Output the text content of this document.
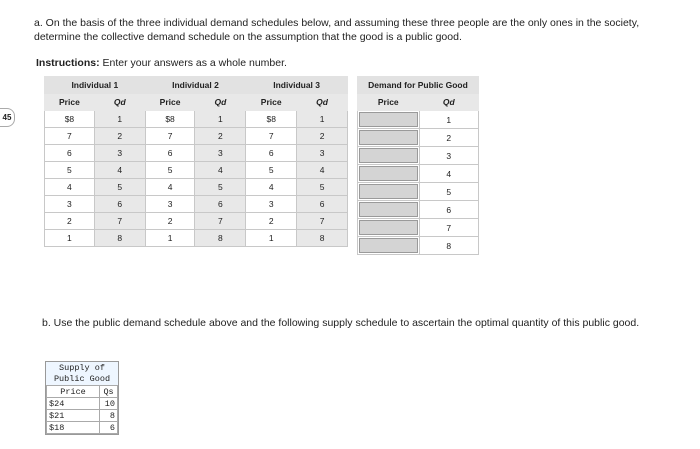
45
a. On the basis of the three individual demand schedules below, and assuming these three people are the only ones in the society, determine the collective demand schedule on the assumption that the good is a public good.
Instructions: Enter your answers as a whole number.
Individual 1		Individual 2		Individual 3	
Price	Qd	Price	Qd	Price	Qd
$8	1	$8	1	$8	1
7	2	7	2	7	2
6	3	6	3	6	3
5	4	5	4	5	4
4	5	4	5	4	5
3	6	3	6	3	6
2	7	2	7	2	7
1	8	1	8	1	8
Demand for Public Good	
Price	Qd

	1

	2

	3

	4

	5

	6

	7

	8
b. Use the public demand schedule above and the following supply schedule to ascertain the optimal quantity of this public good.
Supply of
Public Good
Price	Qs
$24	10
$21	8
$18	6
